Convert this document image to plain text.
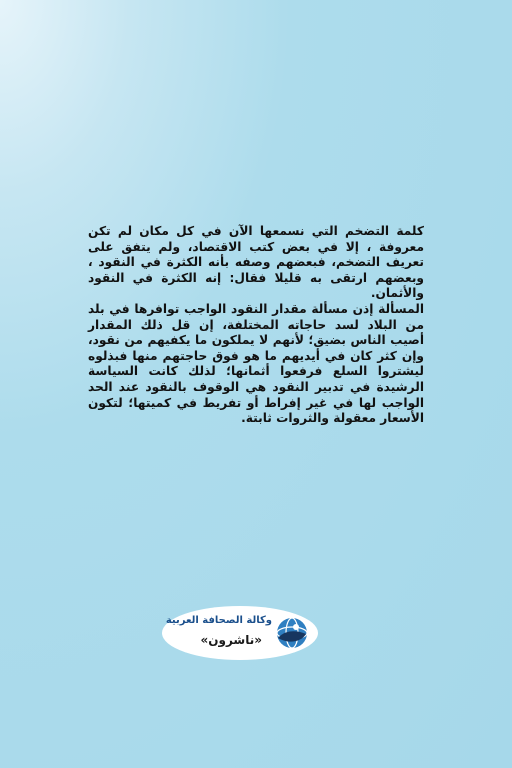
كلمة التضخم التي نسمعها الآن في كل مكان لم تكن معروفة ، إلا في بعض كتب الاقتصاد، ولم يتفق على تعريف التضخم، فبعضهم وصفه بأنه الكثرة في النقود ، وبعضهم ارتقى به قليلا فقال: إنه الكثرة في النقود والأثمان.

المسألة إذن مسألة مقدار النقود الواجب توافرها في بلد من البلاد لسد حاجاته المختلفة، إن قل ذلك المقدار أصيب الناس بضيق؛ لأنهم لا يملكون ما يكفيهم من نقود، وإن كثر كان في أيديهم ما هو فوق حاجتهم منها فبذلوه ليشتروا السلع فرفعوا أثمانها؛ لذلك كانت السياسة الرشيدة في تدبير النقود هي الوقوف بالنقود عند الحد الواجب لها في غير إفراط أو تفريط في كميتها؛ لتكون الأسعار معقولة والثروات ثابتة.

وكالة الصحافة العربية
«ناشرون»
